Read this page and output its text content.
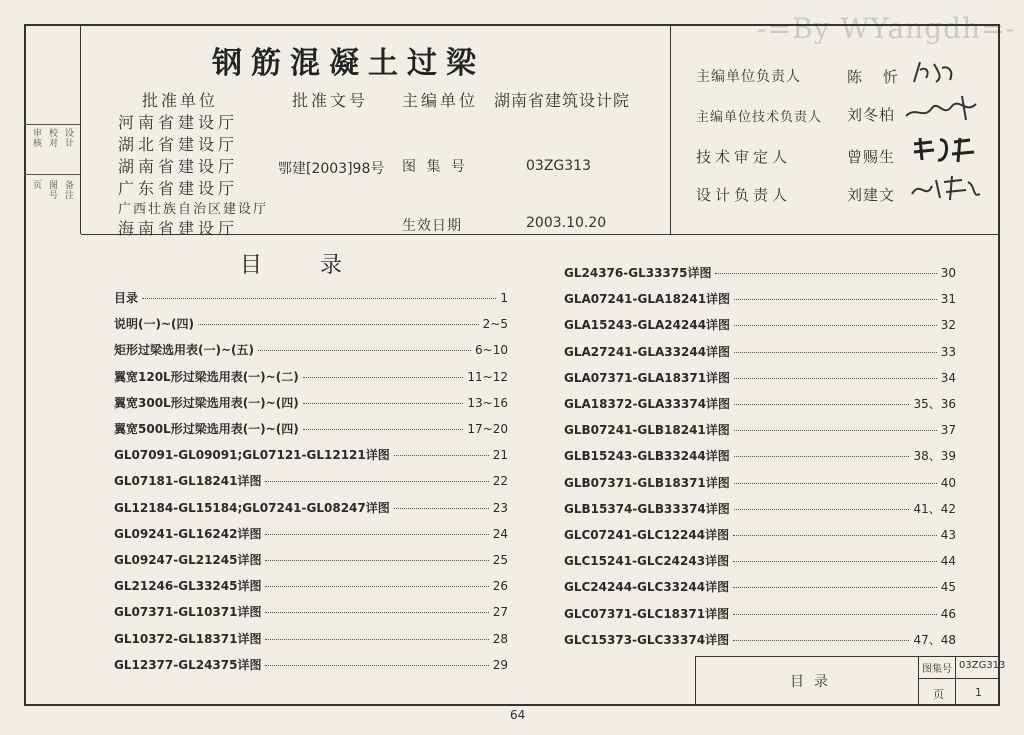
-=By WYangdh=-
审核 校对 设计
页 图号 备注
钢筋混凝土过梁
批准单位	批准文号 主编单位 湖南省建筑设计院
河南省建设厅
湖北省建设厅
湖南省建设厅
广东省建设厅
广西壮族自治区建设厅
海南省建设厅
鄂建[2003]98号 图 集 号	03ZG313
生效日期	2003.10.20
主编单位负责人	陈 忻
主编单位技术负责人 刘冬柏
技术审定人	曾赐生
设计负责人	刘建文
目录
目录	1
说明(一)~(四)	2~5
矩形过梁选用表(一)~(五)	6~10
翼宽120L形过梁选用表(一)~(二)	11~12
翼宽300L形过梁选用表(一)~(四)	13~16
翼宽500L形过梁选用表(一)~(四)	17~20
GL07091-GL09091;GL07121-GL12121详图	21
GL07181-GL18241详图	22
GL12184-GL15184;GL07241-GL08247详图	23
GL09241-GL16242详图	24
GL09247-GL21245详图	25
GL21246-GL33245详图	26
GL07371-GL10371详图	27
GL10372-GL18371详图	28
GL12377-GL24375详图	29
GL24376-GL33375详图	30
GLA07241-GLA18241详图	31
GLA15243-GLA24244详图	32
GLA27241-GLA33244详图	33
GLA07371-GLA18371详图	34
GLA18372-GLA33374详图	35、36
GLB07241-GLB18241详图	37
GLB15243-GLB33244详图	38、39
GLB07371-GLB18371详图	40
GLB15374-GLB33374详图	41、42
GLC07241-GLC12244详图	43
GLC15241-GLC24243详图	44
GLC24244-GLC33244详图	45
GLC07371-GLC18371详图	46
GLC15373-GLC33374详图	47、48
目录
图集号 03ZG313
页	1
64
